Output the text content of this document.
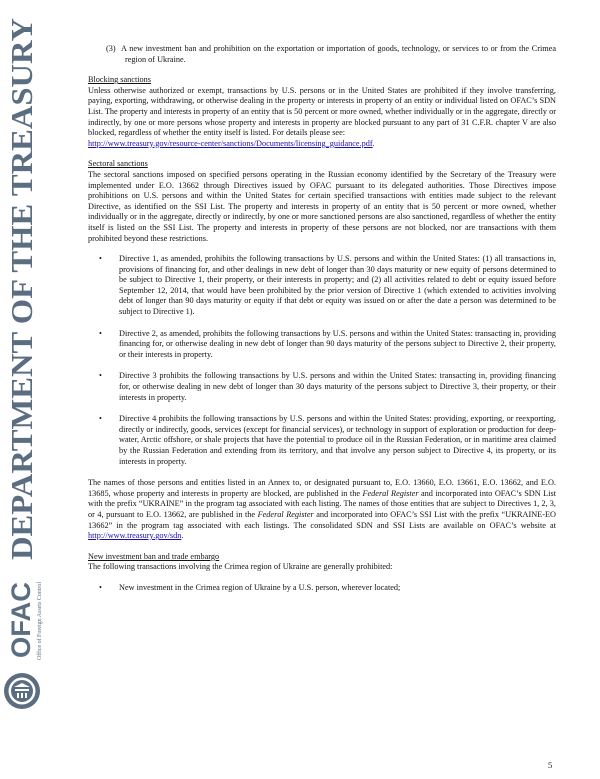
DEPARTMENT OF THE TREASURY
OFAC Office of Foreign Assets Control

(3) A new investment ban and prohibition on the exportation or importation of goods, technology, or services to or from the Crimea region of Ukraine.

Blocking sanctions

Unless otherwise authorized or exempt, transactions by U.S. persons or in the United States are prohibited if they involve transferring, paying, exporting, withdrawing, or otherwise dealing in the property or interests in property of an entity or individual listed on OFAC’s SDN List. The property and interests in property of an entity that is 50 percent or more owned, whether individually or in the aggregate, directly or indirectly, by one or more persons whose property and interests in property are blocked pursuant to any part of 31 C.F.R. chapter V are also blocked, regardless of whether the entity itself is listed. For details please see:
http://www.treasury.gov/resource-center/sanctions/Documents/licensing_guidance.pdf.

Sectoral sanctions

The sectoral sanctions imposed on specified persons operating in the Russian economy identified by the Secretary of the Treasury were implemented under E.O. 13662 through Directives issued by OFAC pursuant to its delegated authorities. Those Directives impose prohibitions on U.S. persons and within the United States for certain specified transactions with entities made subject to the relevant Directive, as identified on the SSI List. The property and interests in property of an entity that is 50 percent or more owned, whether individually or in the aggregate, directly or indirectly, by one or more sanctioned persons are also sanctioned, regardless of whether the entity itself is listed on the SSI List. The property and interests in property of these persons are not blocked, nor are transactions with them prohibited beyond these restrictions.

• Directive 1, as amended, prohibits the following transactions by U.S. persons and within the United States: (1) all transactions in, provisions of financing for, and other dealings in new debt of longer than 30 days maturity or new equity of persons determined to be subject to Directive 1, their property, or their interests in property; and (2) all activities related to debt or equity issued before September 12, 2014, that would have been prohibited by the prior version of Directive 1 (which extended to activities involving debt of longer than 90 days maturity or equity if that debt or equity was issued on or after the date a person was determined to be subject to Directive 1).
• Directive 2, as amended, prohibits the following transactions by U.S. persons and within the United States: transacting in, providing financing for, or otherwise dealing in new debt of longer than 90 days maturity of the persons subject to Directive 2, their property, or their interests in property.
• Directive 3 prohibits the following transactions by U.S. persons and within the United States: transacting in, providing financing for, or otherwise dealing in new debt of longer than 30 days maturity of the persons subject to Directive 3, their property, or their interests in property.
• Directive 4 prohibits the following transactions by U.S. persons and within the United States: providing, exporting, or reexporting, directly or indirectly, goods, services (except for financial services), or technology in support of exploration or production for deep-water, Arctic offshore, or shale projects that have the potential to produce oil in the Russian Federation, or in maritime area claimed by the Russian Federation and extending from its territory, and that involve any person subject to Directive 4, its property, or its interests in property.

The names of those persons and entities listed in an Annex to, or designated pursuant to, E.O. 13660, E.O. 13661, E.O. 13662, and E.O. 13685, whose property and interests in property are blocked, are published in the Federal Register and incorporated into OFAC’s SDN List with the prefix “UKRAINE” in the program tag associated with each listing. The names of those entities that are subject to Directives 1, 2, 3, or 4, pursuant to E.O. 13662, are published in the Federal Register and incorporated into OFAC’s SSI List with the prefix “UKRAINE-EO 13662” in the program tag associated with each listings. The consolidated SDN and SSI Lists are available on OFAC’s website at http://www.treasury.gov/sdn.

New investment ban and trade embargo

The following transactions involving the Crimea region of Ukraine are generally prohibited:

• New investment in the Crimea region of Ukraine by a U.S. person, wherever located;
5
